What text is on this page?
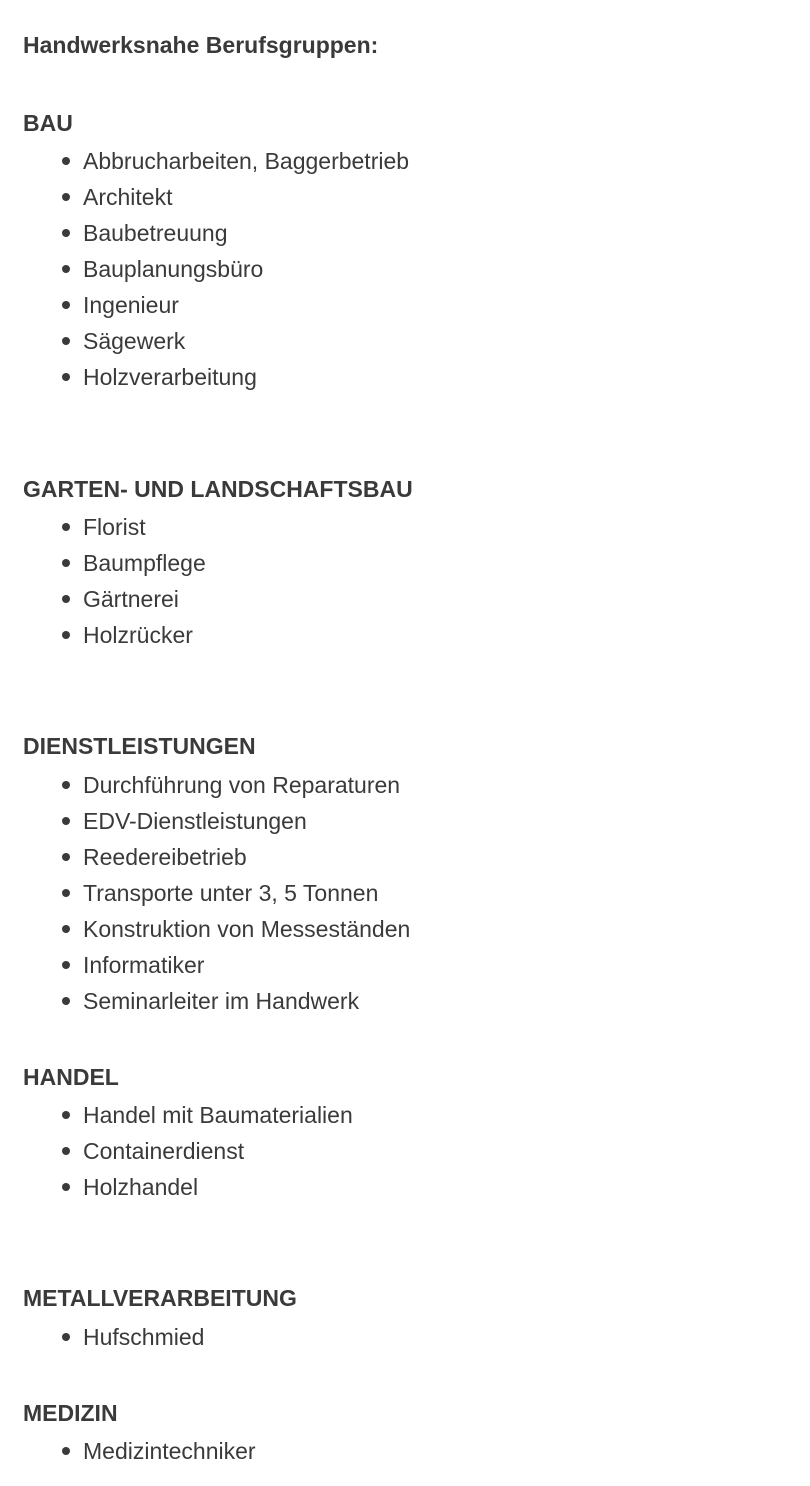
Handwerksnahe Berufsgruppen:
BAU
Abbrucharbeiten, Baggerbetrieb
Architekt
Baubetreuung
Bauplanungsbüro
Ingenieur
Sägewerk
Holzverarbeitung
GARTEN- UND LANDSCHAFTSBAU
Florist
Baumpflege
Gärtnerei
Holzrücker
DIENSTLEISTUNGEN
Durchführung von Reparaturen
EDV-Dienstleistungen
Reedereibetrieb
Transporte unter 3, 5 Tonnen
Konstruktion von Messeständen
Informatiker
Seminarleiter im Handwerk
HANDEL
Handel mit Baumaterialien
Containerdienst
Holzhandel
METALLVERARBEITUNG
Hufschmied
MEDIZIN
Medizintechniker
